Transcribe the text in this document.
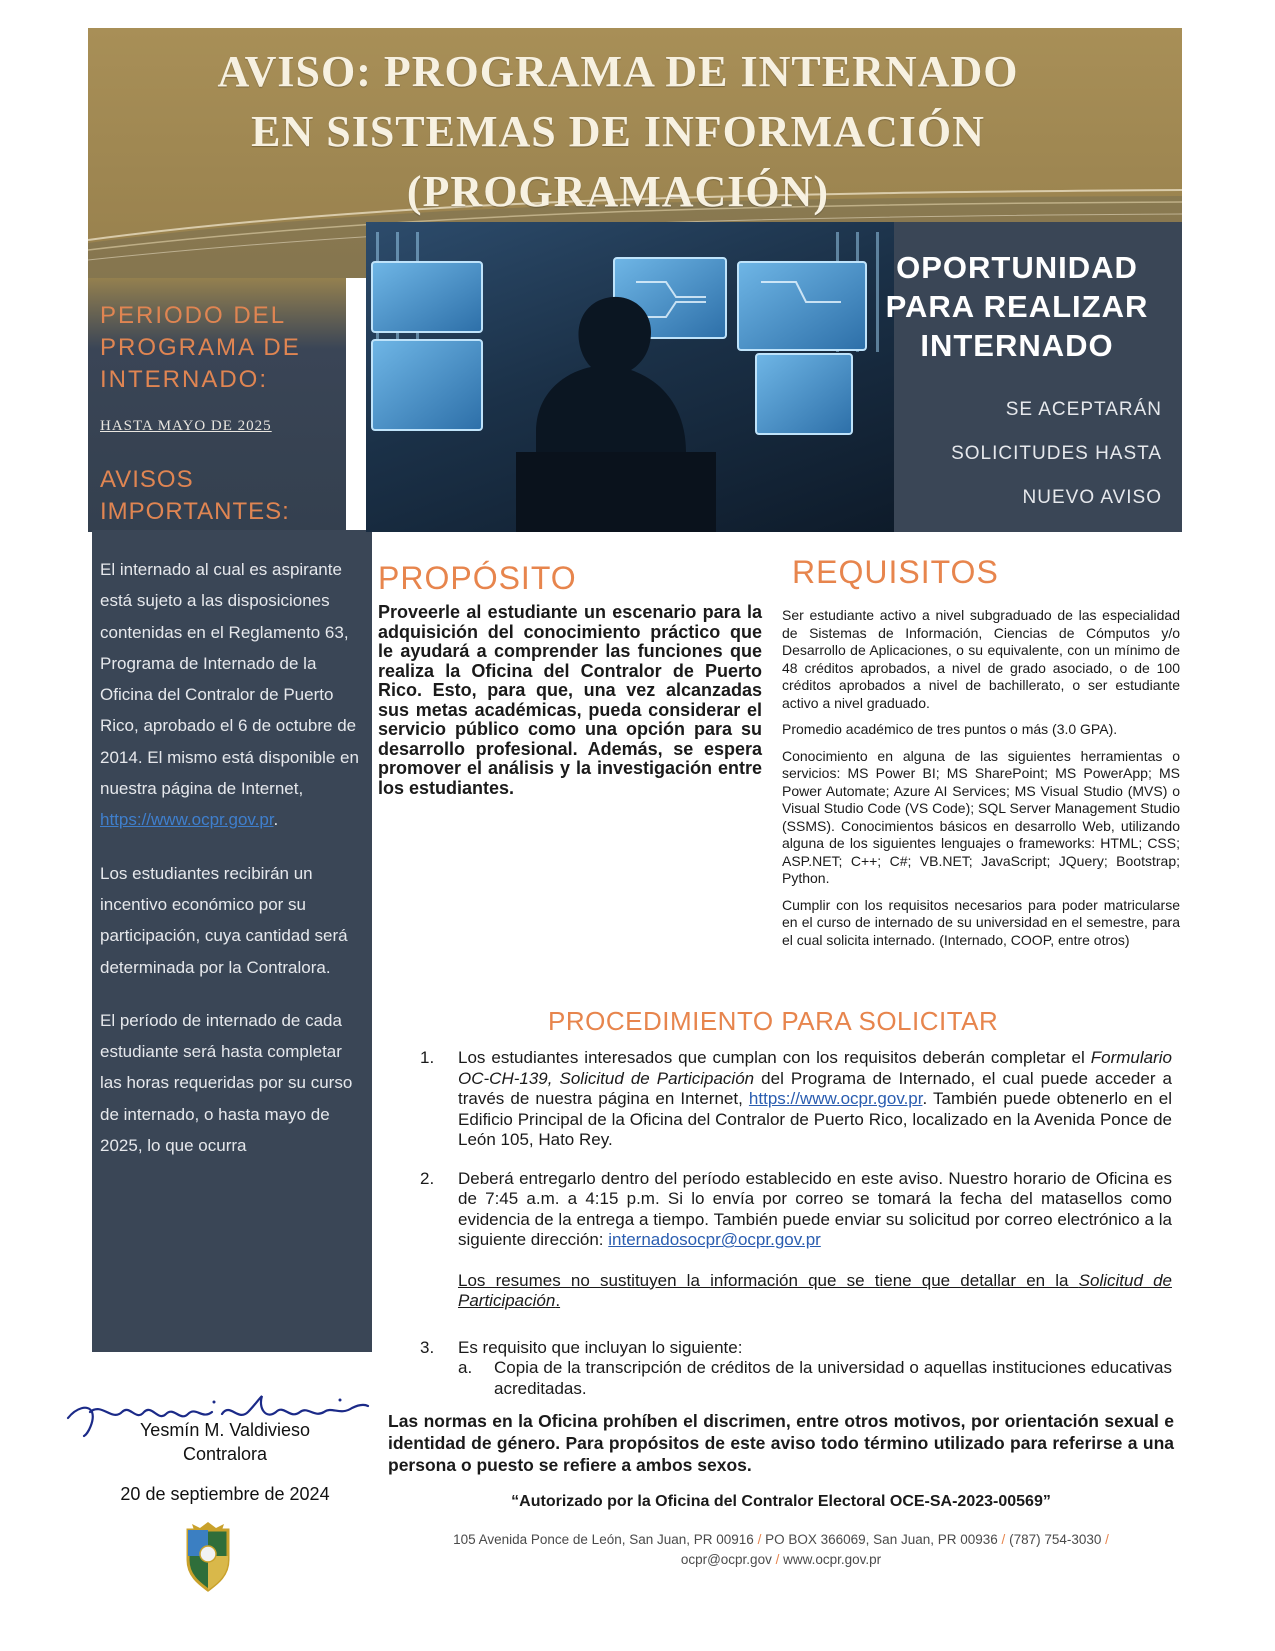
AVISO: PROGRAMA DE INTERNADO
EN SISTEMAS DE INFORMACIÓN
(PROGRAMACIÓN)
OPORTUNIDAD PARA REALIZAR INTERNADO
SE ACEPTARÁN
SOLICITUDES HASTA
NUEVO AVISO
PERIODO DEL PROGRAMA DE INTERNADO:
HASTA MAYO DE 2025
AVISOS IMPORTANTES:

El internado al cual es aspirante está sujeto a las disposiciones contenidas en el Reglamento 63, Programa de Internado de la Oficina del Contralor de Puerto Rico, aprobado el 6 de octubre de 2014. El mismo está disponible en nuestra página de Internet, https://www.ocpr.gov.pr.

Los estudiantes recibirán un incentivo económico por su participación, cuya cantidad será determinada por la Contralora.

El período de internado de cada estudiante será hasta completar las horas requeridas por su curso de internado, o hasta mayo de 2025, lo que ocurra

PROPÓSITO
Proveerle al estudiante un escenario para la adquisición del conocimiento práctico que le ayudará a comprender las funciones que realiza la Oficina del Contralor de Puerto Rico. Esto, para que, una vez alcanzadas sus metas académicas, pueda considerar el servicio público como una opción para su desarrollo profesional. Además, se espera promover el análisis y la investigación entre los estudiantes.
REQUISITOS

Ser estudiante activo a nivel subgraduado de las especialidad de Sistemas de Información, Ciencias de Cómputos y/o Desarrollo de Aplicaciones, o su equivalente, con un mínimo de 48 créditos aprobados, a nivel de grado asociado, o de 100 créditos aprobados a nivel de bachillerato, o ser estudiante activo a nivel graduado.

Promedio académico de tres puntos o más (3.0 GPA).

Conocimiento en alguna de las siguientes herramientas o servicios: MS Power BI; MS SharePoint; MS PowerApp; MS Power Automate; Azure AI Services; MS Visual Studio (MVS) o Visual Studio Code (VS Code); SQL Server Management Studio (SSMS). Conocimientos básicos en desarrollo Web, utilizando alguna de los siguientes lenguajes o frameworks: HTML; CSS; ASP.NET; C++; C#; VB.NET; JavaScript; JQuery; Bootstrap; Python.

Cumplir con los requisitos necesarios para poder matricularse en el curso de internado de su universidad en el semestre, para el cual solicita internado. (Internado, COOP, entre otros)

PROCEDIMIENTO PARA SOLICITAR
1.	Los estudiantes interesados que cumplan con los requisitos deberán completar el Formulario OC-CH-139, Solicitud de Participación del Programa de Internado, el cual puede acceder a través de nuestra página en Internet, https://www.ocpr.gov.pr. También puede obtenerlo en el Edificio Principal de la Oficina del Contralor de Puerto Rico, localizado en la Avenida Ponce de León 105, Hato Rey.
2.	Deberá entregarlo dentro del período establecido en este aviso. Nuestro horario de Oficina es de 7:45 a.m. a 4:15 p.m. Si lo envía por correo se tomará la fecha del matasellos como evidencia de la entrega a tiempo. También puede enviar su solicitud por correo electrónico a la siguiente dirección: internadosocpr@ocpr.gov.pr

Los resumes no sustituyen la información que se tiene que detallar en la Solicitud de Participación.

3.	Es requisito que incluyan lo siguiente:

a.	Copia de la transcripción de créditos de la universidad o aquellas instituciones educativas acreditadas.
Las normas en la Oficina prohíben el discrimen, entre otros motivos, por orientación sexual e identidad de género. Para propósitos de este aviso todo término utilizado para referirse a una persona o puesto se refiere a ambos sexos.
“Autorizado por la Oficina del Contralor Electoral OCE-SA-2023-00569”
105 Avenida Ponce de León, San Juan, PR 00916 / PO BOX 366069, San Juan, PR 00936 / (787) 754-3030 /
ocpr@ocpr.gov / www.ocpr.gov.pr
Yesmín M. Valdivieso
Contralora
20 de septiembre de 2024
